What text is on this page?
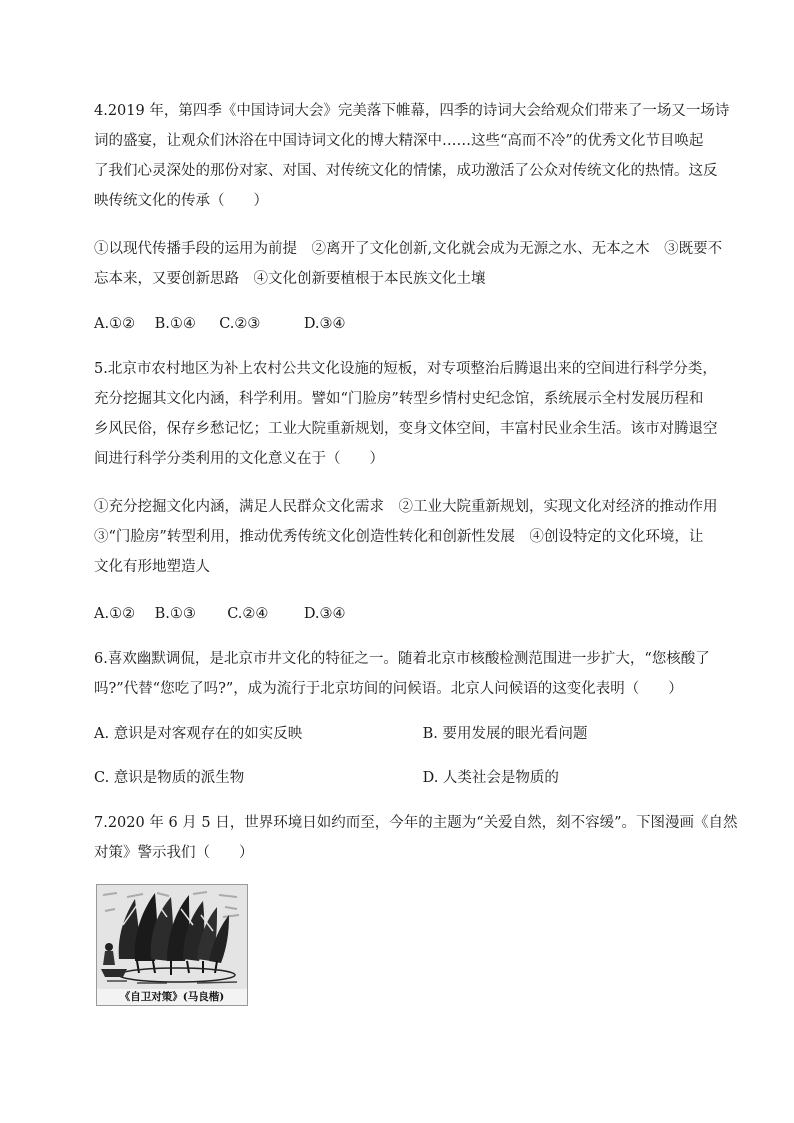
4.2019 年，第四季《中国诗词大会》完美落下帷幕，四季的诗词大会给观众们带来了一场又一场诗
词的盛宴，让观众们沐浴在中国诗词文化的博大精深中……这些“高而不冷”的优秀文化节目唤起
了我们心灵深处的那份对家、对国、对传统文化的情愫，成功激活了公众对传统文化的热情。这反
映传统文化的传承（　　）
①以现代传播手段的运用为前提　②离开了文化创新,文化就会成为无源之水、无本之木　③既要不
忘本来，又要创新思路　④文化创新要植根于本民族文化土壤
A.①② B.①④ C.②③	D.③④
5.北京市农村地区为补上农村公共文化设施的短板，对专项整治后腾退出来的空间进行科学分类，
充分挖掘其文化内涵，科学利用。譬如“门脸房”转型乡情村史纪念馆，系统展示全村发展历程和
乡风民俗，保存乡愁记忆；工业大院重新规划，变身文体空间，丰富村民业余生活。该市对腾退空
间进行科学分类利用的文化意义在于（　　）
①充分挖掘文化内涵，满足人民群众文化需求　②工业大院重新规划，实现文化对经济的推动作用
③“门脸房”转型利用，推动优秀传统文化创造性转化和创新性发展　④创设特定的文化环境，让
文化有形地塑造人
A.①② B.①③ C.②④ D.③④
6.喜欢幽默调侃，是北京市井文化的特征之一。随着北京市核酸检测范围进一步扩大，“您核酸了
吗?”代替“您吃了吗?”，成为流行于北京坊间的问候语。北京人问候语的这变化表明（　　）
A. 意识是对客观存在的如实反映	B. 要用发展的眼光看问题
C. 意识是物质的派生物	D. 人类社会是物质的
7.2020 年 6 月 5 日，世界环境日如约而至，今年的主题为“关爱自然，刻不容缓”。下图漫画《自然
对策》警示我们（　　）
《自卫对策》(马良楷)
